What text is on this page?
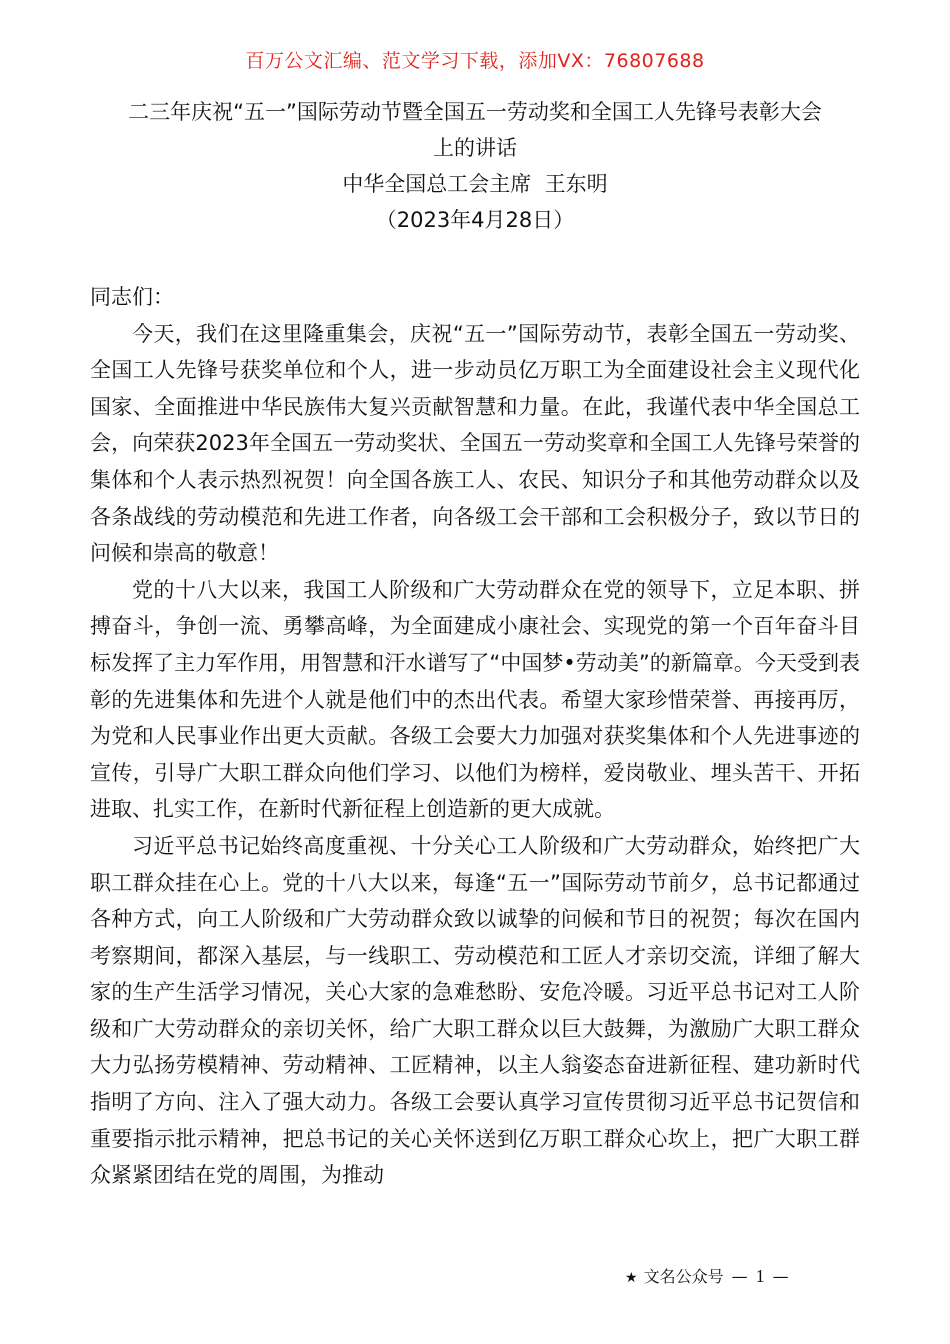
百万公文汇编、范文学习下载，添加VX：76807688
二三年庆祝“五一”国际劳动节暨全国五一劳动奖和全国工人先锋号表彰大会
上的讲话
中华全国总工会主席  王东明
（2023年4月28日）

同志们：

今天，我们在这里隆重集会，庆祝“五一”国际劳动节，表彰全国五一劳动奖、全国工人先锋号获奖单位和个人，进一步动员亿万职工为全面建设社会主义现代化国家、全面推进中华民族伟大复兴贡献智慧和力量。在此，我谨代表中华全国总工会，向荣获2023年全国五一劳动奖状、全国五一劳动奖章和全国工人先锋号荣誉的集体和个人表示热烈祝贺！向全国各族工人、农民、知识分子和其他劳动群众以及各条战线的劳动模范和先进工作者，向各级工会干部和工会积极分子，致以节日的问候和崇高的敬意！

党的十八大以来，我国工人阶级和广大劳动群众在党的领导下，立足本职、拼搏奋斗，争创一流、勇攀高峰，为全面建成小康社会、实现党的第一个百年奋斗目标发挥了主力军作用，用智慧和汗水谱写了“中国梦•劳动美”的新篇章。今天受到表彰的先进集体和先进个人就是他们中的杰出代表。希望大家珍惜荣誉、再接再厉，为党和人民事业作出更大贡献。各级工会要大力加强对获奖集体和个人先进事迹的宣传，引导广大职工群众向他们学习、以他们为榜样，爱岗敬业、埋头苦干、开拓进取、扎实工作，在新时代新征程上创造新的更大成就。

习近平总书记始终高度重视、十分关心工人阶级和广大劳动群众，始终把广大职工群众挂在心上。党的十八大以来，每逢“五一”国际劳动节前夕，总书记都通过各种方式，向工人阶级和广大劳动群众致以诚挚的问候和节日的祝贺；每次在国内考察期间，都深入基层，与一线职工、劳动模范和工匠人才亲切交流，详细了解大家的生产生活学习情况，关心大家的急难愁盼、安危冷暖。习近平总书记对工人阶级和广大劳动群众的亲切关怀，给广大职工群众以巨大鼓舞，为激励广大职工群众大力弘扬劳模精神、劳动精神、工匠精神，以主人翁姿态奋进新征程、建功新时代指明了方向、注入了强大动力。各级工会要认真学习宣传贯彻习近平总书记贺信和重要指示批示精神，把总书记的关心关怀送到亿万职工群众心坎上，把广大职工群众紧紧团结在党的周围，为推动

★ 文名公众号 — 1 —
